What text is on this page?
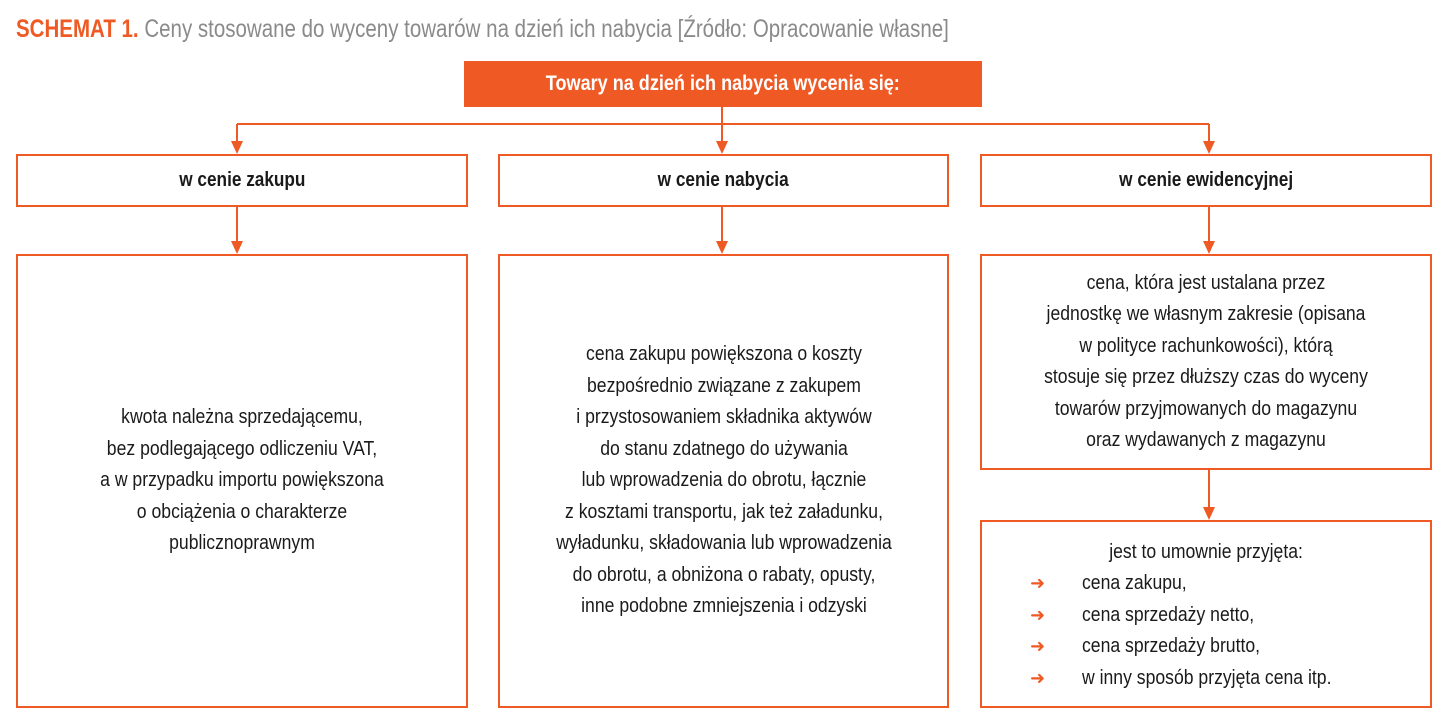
SCHEMAT 1. Ceny stosowane do wyceny towarów na dzień ich nabycia [Źródło: Opracowanie własne]
Towary na dzień ich nabycia wycenia się:
w cenie zakupu	w cenie nabycia	w cenie ewidencyjnej
kwota należna sprzedającemu,
bez podlegającego odliczeniu VAT,
a w przypadku importu powiększona
o obciążenia o charakterze
publicznoprawnym
cena zakupu powiększona o koszty
bezpośrednio związane z zakupem
i przystosowaniem składnika aktywów
do stanu zdatnego do używania
lub wprowadzenia do obrotu, łącznie
z kosztami transportu, jak też załadunku,
wyładunku, składowania lub wprowadzenia
do obrotu, a obniżona o rabaty, opusty,
inne podobne zmniejszenia i odzyski
cena, która jest ustalana przez
jednostkę we własnym zakresie (opisana
w polityce rachunkowości), którą
stosuje się przez dłuższy czas do wyceny
towarów przyjmowanych do magazynu
oraz wydawanych z magazynu
jest to umownie przyjęta:
➜ cena zakupu,
➜ cena sprzedaży netto,
➜ cena sprzedaży brutto,
➜ w inny sposób przyjęta cena itp.
